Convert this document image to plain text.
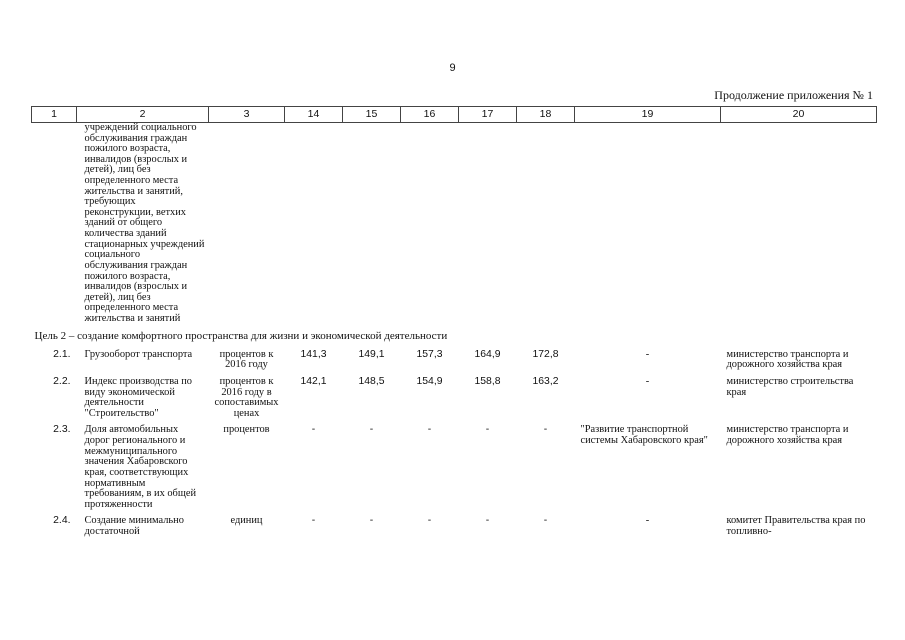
9
Продолжение приложения № 1
1	2	3	14	15	16	17	18	19	20
	учреждений социального обслуживания граждан пожилого возраста, инвалидов (взрослых и детей), лиц без определенного места жительства и занятий, требующих реконструкции, ветхих зданий от общего количества зданий стационарных учреждений социального обслуживания граждан пожилого возраста, инвалидов (взрослых и детей), лиц без определенного места жительства и занятий								
Цель 2 – создание комфортного пространства для жизни и экономической деятельности									
2.1.	Грузооборот транспорта	процентов к 2016 году	141,3	149,1	157,3	164,9	172,8	-	министерство транспорта и дорожного хозяйства края
2.2.	Индекс производства по виду экономической деятельности "Строительство"	процентов к 2016 году в сопоставимых ценах	142,1	148,5	154,9	158,8	163,2	-	министерство строительства края
2.3.	Доля автомобильных дорог регионального и межмуниципального значения Хабаровского края, соответствующих нормативным требованиям, в их общей протяженности	процентов	-	-	-	-	-	"Развитие транспортной системы Хабаровского края"	министерство транспорта и дорожного хозяйства края
2.4.	Создание минимально достаточной	единиц	-	-	-	-	-	-	комитет Правительства края по топливно-
